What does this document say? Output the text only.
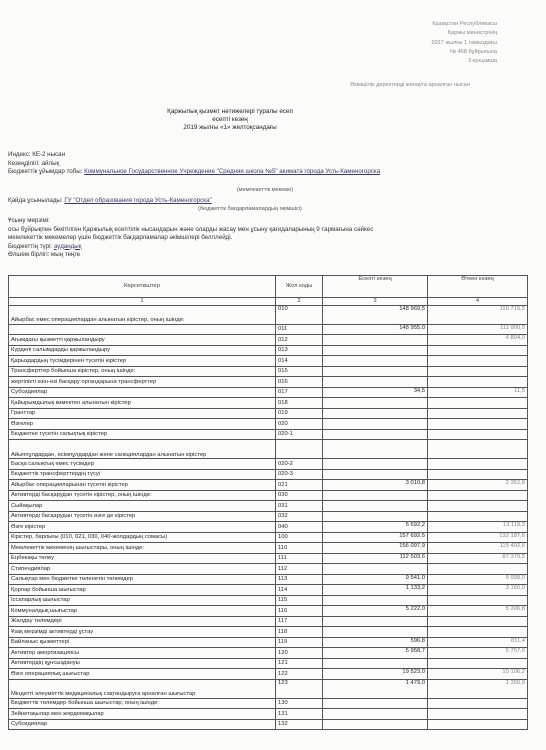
Қазақстан Республикасы
Қаржы министрінің
2017 жылғы 1 тамыздағы
№ 468 бұйрығына
2-қосымша
Әкімшілік деректерді жинауға арналған нысан
Қаржылық қызмет нәтижелері туралы есеп
есепті кезең
2019 жылғы «1» желтоқсандағы
Индекс: КЕ-2 нысан
Кезеңділігі: айлық
Бюджеттік ұйымдар тобы: Коммунальное Государственное Учреждение "Средняя школа №5" акимата города Усть-Каменогорска
(мемлекеттік мекеме)
Қайда ұсынылады: ГУ "Отдел образования города Усть-Каменогорска"
(бюджеттік бағдарламалардың әкімшісі)
Ұсыну мерзімі:
осы бұйрықпен бекітілген Қаржылық есептілік нысандарын және оларды жасау мен ұсыну қағидаларының 9 тармағына сәйкес
мемлекеттік мекемелер үшін бюджеттік бағдарламалар әкімшілері белгілейді.
Бюджеттің түрі: аудандық
Өлшем бірлігі: мың теңге
Көрсеткіштер	Жол коды	Есепті кезең	Өткен кезең
1	2	3	4
Айырбас емес операциялардан алынатын кірістер, оның ішінде:	010	148 969,5	116 715,5
	011	148 955,0	111 900,0
Ағымдағы қызметті қаржыландыру	012		4 804,0
Күрделі салымдарды қаржыландыру	013		
Қарыздардың түсімдерінен түсетін кірістер	014		
Трансферттер бойынша кірістер, оның ішінде:	015		
жергілікті өзін-өзі басқару органдарына трансферттер	016		
Субсидиялар	017	34,5	11,5
Қайырымдылық көмектен алынатын кірістер	018		
Гранттар	019		
Өзгелер	020		
Бюджетке түсетін салықтық кірістер	020-1		
Айыппұлдардан, өсімпұлдардан және санкциялардан алынатын кірістер			
Басқа салықтық емес түсімдер	020-2		
Бюджеттік трансферттердің түсуі	020-3		
Айырбас операцияларынан түсетін кірістер	021	3 010,8	2 352,8
Активтерді басқарудан түсетін кірістер, оның ішінде:	030		
Сыйақылар	031		
Активтерді басқарудан түсетін өзге де кірістер	032		
Өзге кірістер	040	5 692,2	13 119,3
Кірістер, барлығы (010, 021, 030, 040-жолдардың сомасы)	100	157 692,5	132 187,6
Мемлекеттік мекеменің шығыстары, оның ішінде:	110	156 097,9	115 492,6
Еңбекақы төлеу	111	112 503,6	87 379,5
Стипендиялар	112		
Салықтар мен бюджетке төленетін төлемдер	113	9 541,0	6 998,0
Қорлар бойынша шығыстар	114	1 133,2	3 166,0
Іссапарлық шығыстар	115		
Коммуналдық шығыстар	116	5 222,0	5 206,8
Жалдау төлемдері	117		
Ұзақ мерзімді активтерді ұстау	118		
Байланыс қызметтері	119	596,8	811,4
Активтер амортизациясы	120	5 958,7	5 757,6
Активтердің құнсыздануы	121		
Өзге операциялық шығыстар	122	19 523,0	10 106,2
Міндетті әлеуметтік медициналық сақтандыруға арналған шығыстар	123	1 479,0	1 356,9
Бюджеттік төлемдер бойынша шығыстар, оның ішінде:	130		
Зейнетақылар мен жәрдемақылар	131		
Субсидиялар	132		
